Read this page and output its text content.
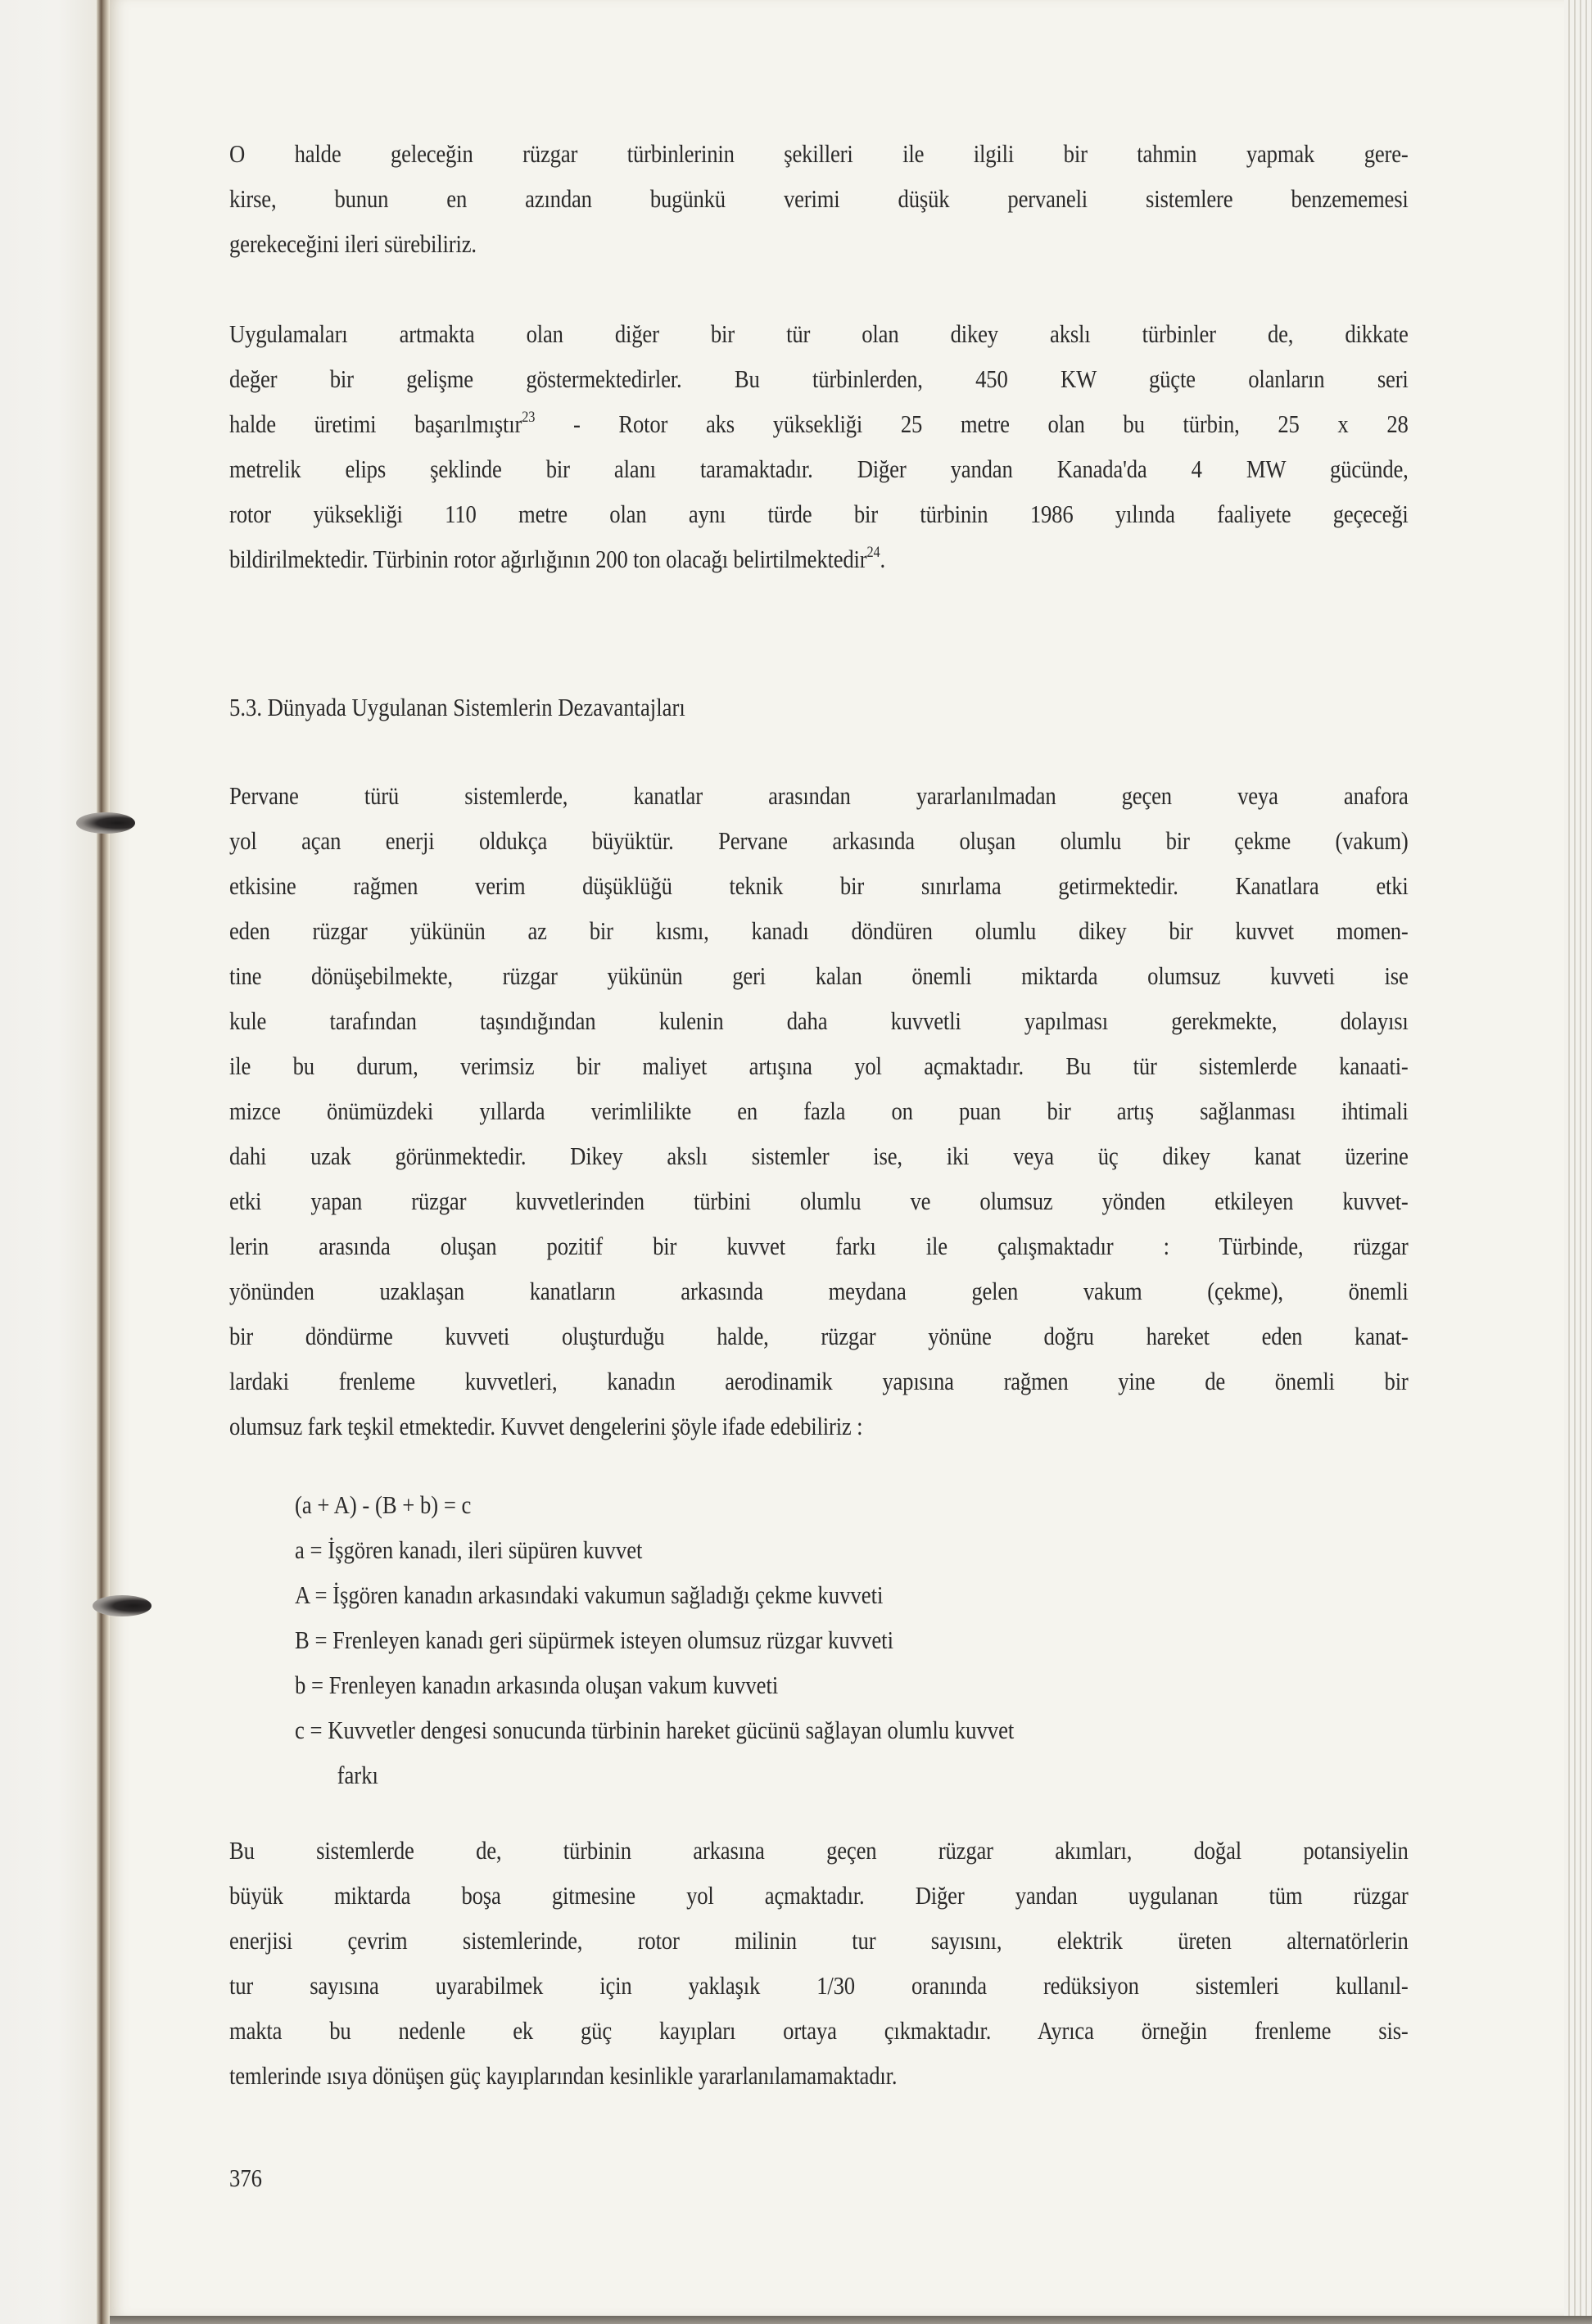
O halde geleceğin rüzgar türbinlerinin şekilleri ile ilgili bir tahmin yapmak gere-
kirse, bunun en azından bugünkü verimi düşük pervaneli sistemlere benzememesi
gerekeceğini ileri sürebiliriz.
Uygulamaları artmakta olan diğer bir tür olan dikey akslı türbinler de, dikkate
değer bir gelişme göstermektedirler. Bu türbinlerden, 450 KW güçte olanların seri
halde üretimi başarılmıştır$^{23}$ - Rotor aks yüksekliği 25 metre olan bu türbin, 25 x 28
metrelik elips şeklinde bir alanı taramaktadır. Diğer yandan Kanada'da 4 MW gücünde,
rotor yüksekliği 110 metre olan aynı türde bir türbinin 1986 yılında faaliyete geçeceği
bildirilmektedir. Türbinin rotor ağırlığının 200 ton olacağı belirtilmektedir$^{24}$.
5.3. Dünyada Uygulanan Sistemlerin Dezavantajları
Pervane türü sistemlerde, kanatlar arasından yararlanılmadan geçen veya anafora
yol açan enerji oldukça büyüktür. Pervane arkasında oluşan olumlu bir çekme (vakum)
etkisine rağmen verim düşüklüğü teknik bir sınırlama getirmektedir. Kanatlara etki
eden rüzgar yükünün az bir kısmı, kanadı döndüren olumlu dikey bir kuvvet momen-
tine dönüşebilmekte, rüzgar yükünün geri kalan önemli miktarda olumsuz kuvveti ise
kule tarafından taşındığından kulenin daha kuvvetli yapılması gerekmekte, dolayısı
ile bu durum, verimsiz bir maliyet artışına yol açmaktadır. Bu tür sistemlerde kanaati-
mizce önümüzdeki yıllarda verimlilikte en fazla on puan bir artış sağlanması ihtimali
dahi uzak görünmektedir. Dikey akslı sistemler ise, iki veya üç dikey kanat üzerine
etki yapan rüzgar kuvvetlerinden türbini olumlu ve olumsuz yönden etkileyen kuvvet-
lerin arasında oluşan pozitif bir kuvvet farkı ile çalışmaktadır : Türbinde, rüzgar
yönünden uzaklaşan kanatların arkasında meydana gelen vakum (çekme), önemli
bir döndürme kuvveti oluşturduğu halde, rüzgar yönüne doğru hareket eden kanat-
lardaki frenleme kuvvetleri, kanadın aerodinamik yapısına rağmen yine de önemli bir
olumsuz fark teşkil etmektedir. Kuvvet dengelerini şöyle ifade edebiliriz :
(a + A) - (B + b) = c
a = İşgören kanadı, ileri süpüren kuvvet
A = İşgören kanadın arkasındaki vakumun sağladığı çekme kuvveti
B = Frenleyen kanadı geri süpürmek isteyen olumsuz rüzgar kuvveti
b = Frenleyen kanadın arkasında oluşan vakum kuvveti
c = Kuvvetler dengesi sonucunda türbinin hareket gücünü sağlayan olumlu kuvvet
farkı
Bu sistemlerde de, türbinin arkasına geçen rüzgar akımları, doğal potansiyelin
büyük miktarda boşa gitmesine yol açmaktadır. Diğer yandan uygulanan tüm rüzgar
enerjisi çevrim sistemlerinde, rotor milinin tur sayısını, elektrik üreten alternatörlerin
tur sayısına uyarabilmek için yaklaşık 1/30 oranında redüksiyon sistemleri kullanıl-
makta bu nedenle ek güç kayıpları ortaya çıkmaktadır. Ayrıca örneğin frenleme sis-
temlerinde ısıya dönüşen güç kayıplarından kesinlikle yararlanılamamaktadır.
376
